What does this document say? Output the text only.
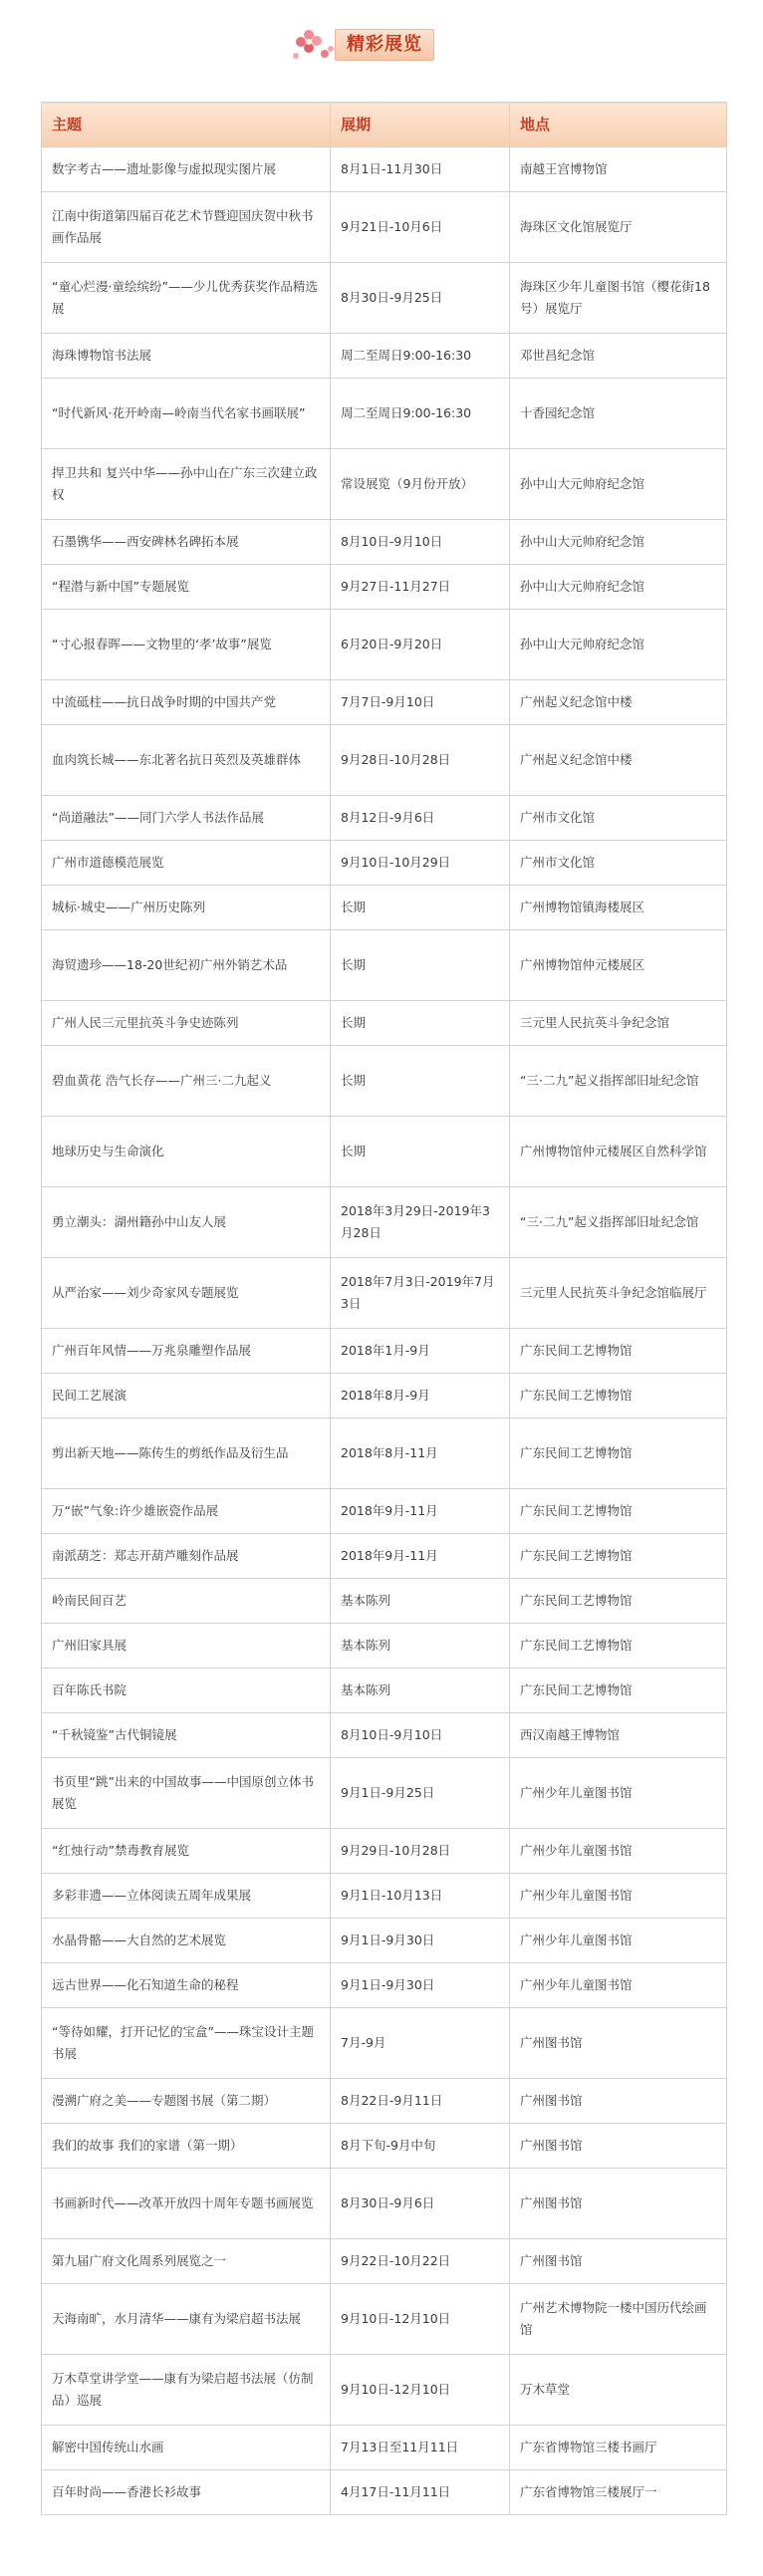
精彩展览
主题	展期	地点
数字考古——遗址影像与虚拟现实图片展	8月1日-11月30日	南越王宫博物馆
江南中街道第四届百花艺术节暨迎国庆贺中秋书画作品展	9月21日-10月6日	海珠区文化馆展览厅
“童心烂漫·童绘缤纷”——少儿优秀获奖作品精选展	8月30日-9月25日	海珠区少年儿童图书馆（樱花街18号）展览厅
海珠博物馆书法展	周二至周日9:00-16:30	邓世昌纪念馆
“时代新风·花开岭南—岭南当代名家书画联展”	周二至周日9:00-16:30	十香园纪念馆
捍卫共和 复兴中华——孙中山在广东三次建立政权	常设展览（9月份开放）	孙中山大元帅府纪念馆
石墨镌华——西安碑林名碑拓本展	8月10日-9月10日	孙中山大元帅府纪念馆
“程潜与新中国”专题展览	9月27日-11月27日	孙中山大元帅府纪念馆
“寸心报春晖——文物里的‘孝’故事”展览	6月20日-9月20日	孙中山大元帅府纪念馆
中流砥柱——抗日战争时期的中国共产党	7月7日-9月10日	广州起义纪念馆中楼
血肉筑长城——东北著名抗日英烈及英雄群体	9月28日-10月28日	广州起义纪念馆中楼
“尚道融法”——同门六学人书法作品展	8月12日-9月6日	广州市文化馆
广州市道德模范展览	9月10日-10月29日	广州市文化馆
城标·城史——广州历史陈列	长期	广州博物馆镇海楼展区
海贸遗珍——18-20世纪初广州外销艺术品	长期	广州博物馆仲元楼展区
广州人民三元里抗英斗争史迹陈列	长期	三元里人民抗英斗争纪念馆
碧血黄花 浩气长存——广州三·二九起义	长期	“三·二九”起义指挥部旧址纪念馆
地球历史与生命演化	长期	广州博物馆仲元楼展区自然科学馆
勇立潮头：湖州籍孙中山友人展	2018年3月29日-2019年3月28日	“三·二九”起义指挥部旧址纪念馆
从严治家——刘少奇家风专题展览	2018年7月3日-2019年7月3日	三元里人民抗英斗争纪念馆临展厅
广州百年风情——万兆泉雕塑作品展	2018年1月-9月	广东民间工艺博物馆
民间工艺展演	2018年8月-9月	广东民间工艺博物馆
剪出新天地——陈传生的剪纸作品及衍生品	2018年8月-11月	广东民间工艺博物馆
万“嵌”气象:许少雄嵌瓷作品展	2018年9月-11月	广东民间工艺博物馆
南派葫芝：郑志开葫芦雕刻作品展	2018年9月-11月	广东民间工艺博物馆
岭南民间百艺	基本陈列	广东民间工艺博物馆
广州旧家具展	基本陈列	广东民间工艺博物馆
百年陈氏书院	基本陈列	广东民间工艺博物馆
“千秋镜鉴”古代铜镜展	8月10日-9月10日	西汉南越王博物馆
书页里“跳”出来的中国故事——中国原创立体书展览	9月1日-9月25日	广州少年儿童图书馆
“红烛行动”禁毒教育展览	9月29日-10月28日	广州少年儿童图书馆
多彩非遗——立体阅读五周年成果展	9月1日-10月13日	广州少年儿童图书馆
水晶骨骼——大自然的艺术展览	9月1日-9月30日	广州少年儿童图书馆
远古世界——化石知道生命的秘程	9月1日-9月30日	广州少年儿童图书馆
“等待如耀，打开记忆的宝盒”——珠宝设计主题书展	7月-9月	广州图书馆
漫溯广府之美——专题图书展（第二期）	8月22日-9月11日	广州图书馆
我们的故事 我们的家谱（第一期）	8月下旬-9月中旬	广州图书馆
书画新时代——改革开放四十周年专题书画展览	8月30日-9月6日	广州图书馆
第九届广府文化周系列展览之一	9月22日-10月22日	广州图书馆
天海南旷，水月清华——康有为梁启超书法展	9月10日-12月10日	广州艺术博物院一楼中国历代绘画馆
万木草堂讲学堂——康有为梁启超书法展（仿制品）巡展	9月10日-12月10日	万木草堂
解密中国传统山水画	7月13日至11月11日	广东省博物馆三楼书画厅
百年时尚——香港长衫故事	4月17日-11月11日	广东省博物馆三楼展厅一
